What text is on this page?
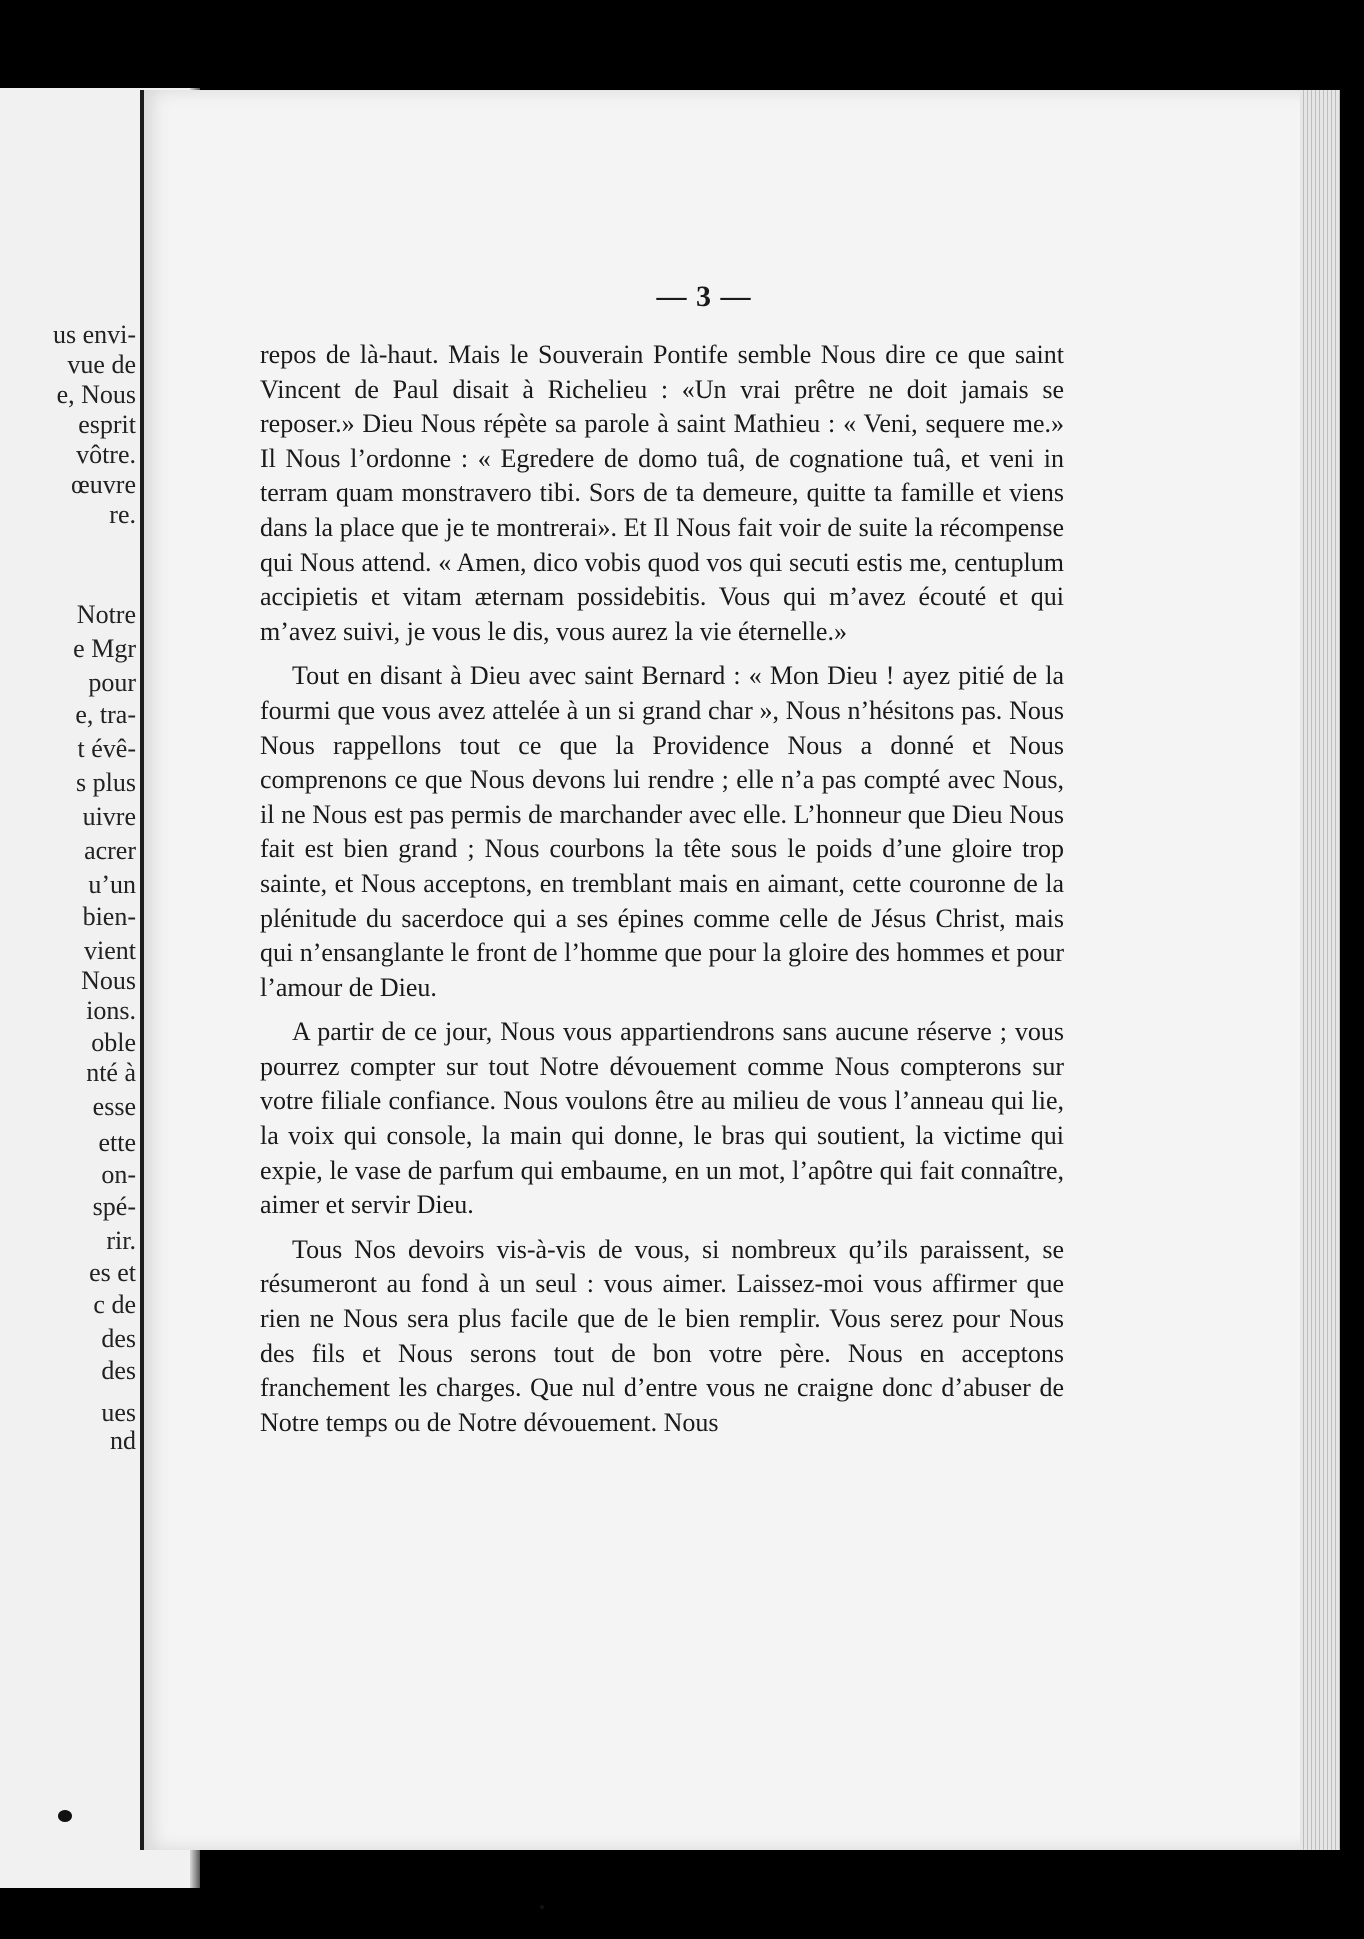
us envi-
vue de
e, Nous
esprit
vôtre.
œuvre
re.
Notre
e Mgr
pour
e, tra-
t évê-
s plus
uivre
acrer
u’un
bien-
vient
Nous
ions.
oble
nté à
esse
ette
on-
spé-
rir.
es et
c de
des
des
ues
nd
— 3 —

repos de là-haut. Mais le Souverain Pontife semble Nous dire ce que saint Vincent de Paul disait à Richelieu : «Un vrai prêtre ne doit jamais se reposer.» Dieu Nous répète sa parole à saint Mathieu : « Veni, sequere me.» Il Nous l’ordonne : « Egredere de domo tuâ, de cognatione tuâ, et veni in terram quam monstravero tibi. Sors de ta demeure, quitte ta famille et viens dans la place que je te montrerai». Et Il Nous fait voir de suite la récompense qui Nous attend. « Amen, dico vobis quod vos qui secuti estis me, centuplum accipietis et vitam æternam possidebitis. Vous qui m’avez écouté et qui m’avez suivi, je vous le dis, vous aurez la vie éternelle.»

Tout en disant à Dieu avec saint Bernard : « Mon Dieu ! ayez pitié de la fourmi que vous avez attelée à un si grand char », Nous n’hésitons pas. Nous Nous rappellons tout ce que la Providence Nous a donné et Nous comprenons ce que Nous devons lui rendre ; elle n’a pas compté avec Nous, il ne Nous est pas permis de marchander avec elle. L’honneur que Dieu Nous fait est bien grand ; Nous courbons la tête sous le poids d’une gloire trop sainte, et Nous acceptons, en tremblant mais en aimant, cette couronne de la plénitude du sacerdoce qui a ses épines comme celle de Jésus Christ, mais qui n’ensanglante le front de l’homme que pour la gloire des hommes et pour l’amour de Dieu.

A partir de ce jour, Nous vous appartiendrons sans aucune réserve ; vous pourrez compter sur tout Notre dévouement comme Nous compterons sur votre filiale confiance. Nous voulons être au milieu de vous l’anneau qui lie, la voix qui console, la main qui donne, le bras qui soutient, la victime qui expie, le vase de parfum qui embaume, en un mot, l’apôtre qui fait connaître, aimer et servir Dieu.

Tous Nos devoirs vis-à-vis de vous, si nombreux qu’ils paraissent, se résumeront au fond à un seul : vous aimer. Laissez-moi vous affirmer que rien ne Nous sera plus facile que de le bien remplir. Vous serez pour Nous des fils et Nous serons tout de bon votre père. Nous en acceptons franchement les charges. Que nul d’entre vous ne craigne donc d’abuser de Notre temps ou de Notre dévouement. Nous
